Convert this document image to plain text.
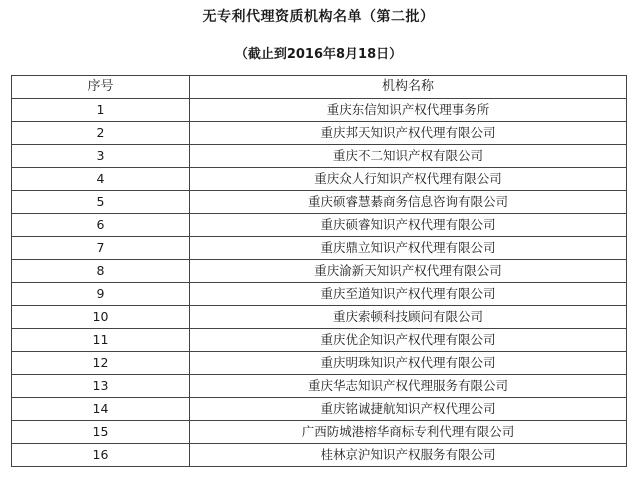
无专利代理资质机构名单（第二批）
（截止到2016年8月18日）
序号	机构名称
1	重庆东信知识产权代理事务所
2	重庆邦天知识产权代理有限公司
3	重庆不二知识产权有限公司
4	重庆众人行知识产权代理有限公司
5	重庆硕睿慧綦商务信息咨询有限公司
6	重庆硕睿知识产权代理有限公司
7	重庆鼎立知识产权代理有限公司
8	重庆渝新天知识产权代理有限公司
9	重庆至道知识产权代理有限公司
10	重庆索顿科技顾问有限公司
11	重庆优企知识产权代理有限公司
12	重庆明珠知识产权代理有限公司
13	重庆华志知识产权代理服务有限公司
14	重庆铭诚捷航知识产权代理公司
15	广西防城港榕华商标专利代理有限公司
16	桂林京沪知识产权服务有限公司
